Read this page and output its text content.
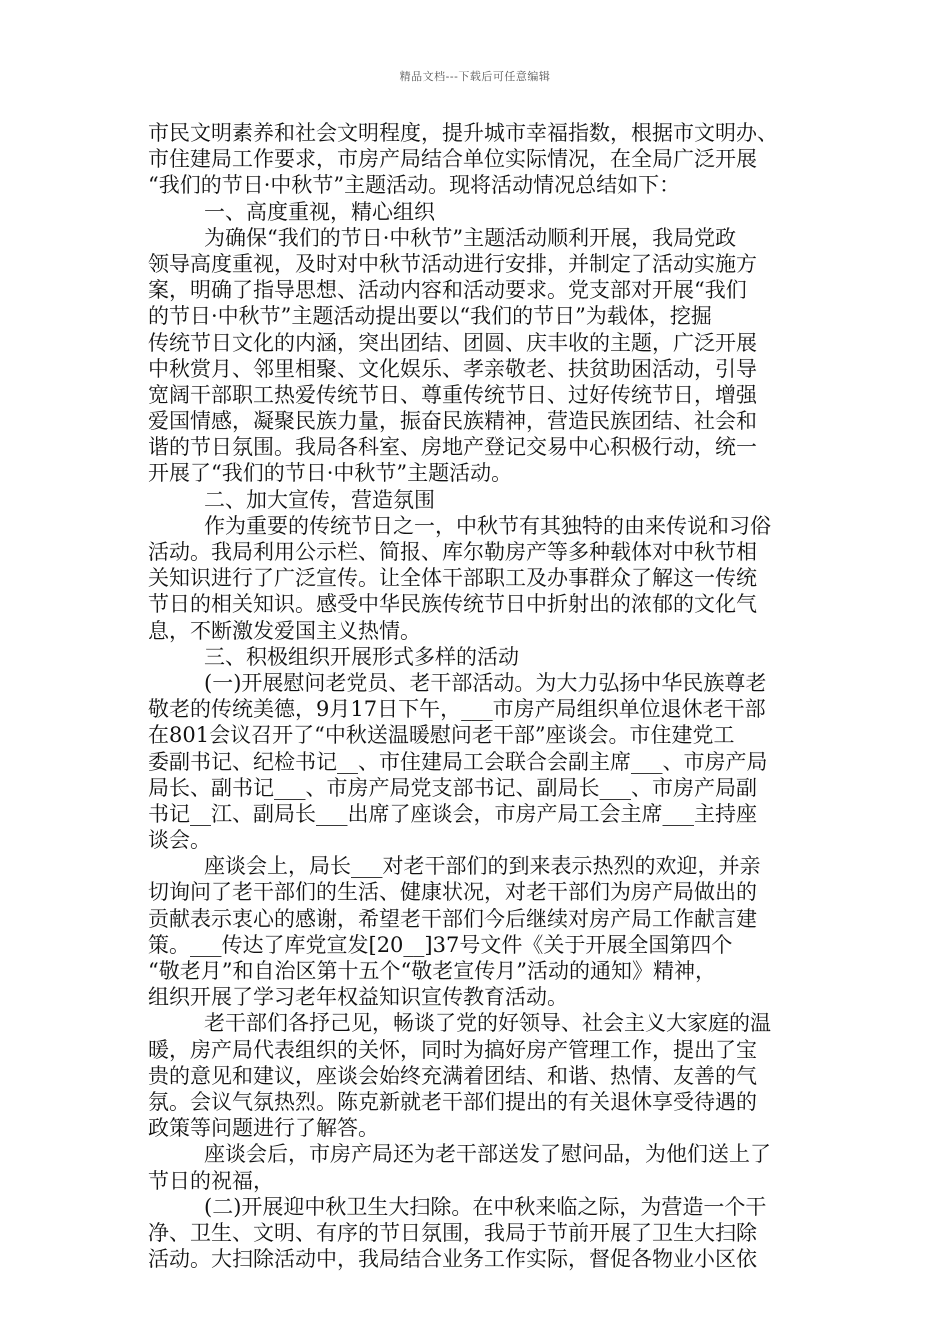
精品文档---下载后可任意编辑
市民文明素养和社会文明程度，提升城市幸福指数，根据市文明办、
市住建局工作要求，市房产局结合单位实际情况，在全局广泛开展
“我们的节日·中秋节”主题活动。现将活动情况总结如下：
一、高度重视，精心组织
为确保“我们的节日·中秋节”主题活动顺利开展，我局党政
领导高度重视，及时对中秋节活动进行安排，并制定了活动实施方
案，明确了指导思想、活动内容和活动要求。党支部对开展“我们
的节日·中秋节”主题活动提出要以“我们的节日”为载体，挖掘
传统节日文化的内涵，突出团结、团圆、庆丰收的主题，广泛开展
中秋赏月、邻里相聚、文化娱乐、孝亲敬老、扶贫助困活动，引导
宽阔干部职工热爱传统节日、尊重传统节日、过好传统节日，增强
爱国情感，凝聚民族力量，振奋民族精神，营造民族团结、社会和
谐的节日氛围。我局各科室、房地产登记交易中心积极行动，统一
开展了“我们的节日·中秋节”主题活动。
二、加大宣传，营造氛围
作为重要的传统节日之一，中秋节有其独特的由来传说和习俗
活动。我局利用公示栏、简报、库尔勒房产等多种载体对中秋节相
关知识进行了广泛宣传。让全体干部职工及办事群众了解这一传统
节日的相关知识。感受中华民族传统节日中折射出的浓郁的文化气
息，不断激发爱国主义热情。
三、积极组织开展形式多样的活动
(一)开展慰问老党员、老干部活动。为大力弘扬中华民族尊老
敬老的传统美德，9月17日下午，___市房产局组织单位退休老干部
在801会议召开了“中秋送温暖慰问老干部”座谈会。市住建党工
委副书记、纪检书记__、市住建局工会联合会副主席___、市房产局
局长、副书记___、市房产局党支部书记、副局长___、市房产局副
书记__江、副局长___出席了座谈会，市房产局工会主席___主持座
谈会。
座谈会上，局长___对老干部们的到来表示热烈的欢迎，并亲
切询问了老干部们的生活、健康状况，对老干部们为房产局做出的
贡献表示衷心的感谢，希望老干部们今后继续对房产局工作献言建
策。___传达了库党宣发[20__]37号文件《关于开展全国第四个
“敬老月”和自治区第十五个“敬老宣传月”活动的通知》精神，
组织开展了学习老年权益知识宣传教育活动。
老干部们各抒己见，畅谈了党的好领导、社会主义大家庭的温
暖，房产局代表组织的关怀，同时为搞好房产管理工作，提出了宝
贵的意见和建议，座谈会始终充满着团结、和谐、热情、友善的气
氛。会议气氛热烈。陈克新就老干部们提出的有关退休享受待遇的
政策等问题进行了解答。
座谈会后，市房产局还为老干部送发了慰问品，为他们送上了
节日的祝福，
(二)开展迎中秋卫生大扫除。在中秋来临之际，为营造一个干
净、卫生、文明、有序的节日氛围，我局于节前开展了卫生大扫除
活动。大扫除活动中，我局结合业务工作实际，督促各物业小区依
